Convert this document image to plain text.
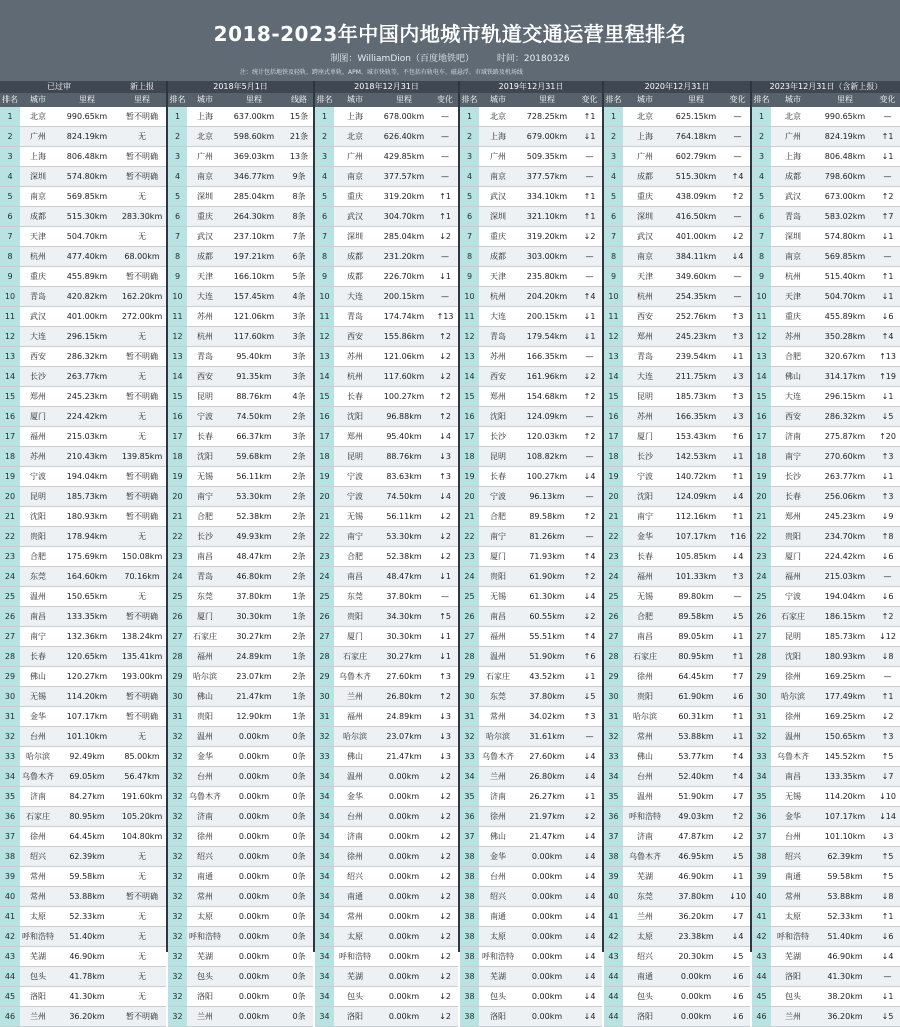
2018-2023年中国内地城市轨道交通运营里程排名
制图：WilliamDion（百度地铁吧）	时间：20180326
注：统计包括地铁及轻轨、跨座式单轨、APM、城市快轨等，不包括有轨电车、磁悬浮、市域铁路及机场线
已过审			新上报
排名	城市	里程	里程
1	北京	990.65km	暂不明确
2	广州	824.19km	无
3	上海	806.48km	暂不明确
4	深圳	574.80km	暂不明确
5	南京	569.85km	无
6	成都	515.30km	283.30km
7	天津	504.70km	无
8	杭州	477.40km	68.00km
9	重庆	455.89km	暂不明确
10	青岛	420.82km	162.20km
11	武汉	401.00km	272.00km
12	大连	296.15km	无
13	西安	286.32km	暂不明确
14	长沙	263.77km	无
15	郑州	245.23km	暂不明确
16	厦门	224.42km	无
17	福州	215.03km	无
18	苏州	210.43km	139.85km
19	宁波	194.04km	暂不明确
20	昆明	185.73km	暂不明确
21	沈阳	180.93km	暂不明确
22	贵阳	178.94km	无
23	合肥	175.69km	150.08km
24	东莞	164.60km	70.16km
25	温州	150.65km	无
26	南昌	133.35km	暂不明确
27	南宁	132.36km	138.24km
28	长春	120.65km	135.41km
29	佛山	120.27km	193.00km
30	无锡	114.20km	暂不明确
31	金华	107.17km	暂不明确
32	台州	101.10km	无
33	哈尔滨	92.49km	85.00km
34	乌鲁木齐	69.05km	56.47km
35	济南	84.27km	191.60km
36	石家庄	80.95km	105.20km
37	徐州	64.45km	104.80km
38	绍兴	62.39km	无
39	常州	59.58km	无
40	常州	53.88km	暂不明确
41	太原	52.33km	无
42	呼和浩特	51.40km	无
43	芜湖	46.90km	无
44	包头	41.78km	无
45	洛阳	41.30km	无
46	兰州	36.20km	暂不明确
2018年5月1日			
排名	城市	里程	线路
1	上海	637.00km	15条
2	北京	598.60km	21条
3	广州	369.03km	13条
4	南京	346.77km	9条
5	深圳	285.04km	8条
6	重庆	264.30km	8条
7	武汉	237.10km	7条
8	成都	197.21km	6条
9	天津	166.10km	5条
10	大连	157.45km	4条
11	苏州	121.06km	3条
12	杭州	117.60km	3条
13	青岛	95.40km	3条
14	西安	91.35km	3条
15	昆明	88.76km	4条
16	宁波	74.50km	2条
17	长春	66.37km	3条
18	沈阳	59.68km	2条
19	无锡	56.11km	2条
20	南宁	53.30km	2条
21	合肥	52.38km	2条
22	长沙	49.93km	2条
23	南昌	48.47km	2条
24	青岛	46.80km	2条
25	东莞	37.80km	1条
26	厦门	30.30km	1条
27	石家庄	30.27km	2条
28	福州	24.89km	1条
29	哈尔滨	23.07km	2条
30	佛山	21.47km	1条
31	贵阳	12.90km	1条
32	温州	0.00km	0条
32	金华	0.00km	0条
32	台州	0.00km	0条
32	乌鲁木齐	0.00km	0条
32	济南	0.00km	0条
32	徐州	0.00km	0条
32	绍兴	0.00km	0条
32	南通	0.00km	0条
32	常州	0.00km	0条
32	太原	0.00km	0条
32	呼和浩特	0.00km	0条
32	芜湖	0.00km	0条
32	包头	0.00km	0条
32	洛阳	0.00km	0条
32	兰州	0.00km	0条
2018年12月31日			
排名	城市	里程	变化
1	上海	678.00km	—
2	北京	626.40km	—
3	广州	429.85km	—
4	南京	377.57km	—
5	重庆	319.20km	↑1
6	武汉	304.70km	↑1
7	深圳	285.04km	↓2
8	成都	231.20km	—
9	成都	226.70km	↓1
10	大连	200.15km	—
11	青岛	174.74km	↑13
12	西安	155.86km	↑2
13	苏州	121.06km	↓2
14	杭州	117.60km	↓2
15	长春	100.27km	↑2
16	沈阳	96.88km	↑2
17	郑州	95.40km	↓4
18	昆明	88.76km	↓3
19	宁波	83.63km	↑3
20	宁波	74.50km	↓4
21	无锡	56.11km	↓2
22	南宁	53.30km	↓2
23	合肥	52.38km	↓2
24	南昌	48.47km	↓1
25	东莞	37.80km	—
26	贵阳	34.30km	↑5
27	厦门	30.30km	↓1
28	石家庄	30.27km	↓1
29	乌鲁木齐	27.60km	↑3
30	兰州	26.80km	↑2
31	福州	24.89km	↓3
32	哈尔滨	23.07km	↓3
33	佛山	21.47km	↓3
34	温州	0.00km	↓2
34	金华	0.00km	↓2
34	台州	0.00km	↓2
34	济南	0.00km	↓2
34	徐州	0.00km	↓2
34	绍兴	0.00km	↓2
34	南通	0.00km	↓2
34	常州	0.00km	↓2
34	太原	0.00km	↓2
34	呼和浩特	0.00km	↓2
34	芜湖	0.00km	↓2
34	包头	0.00km	↓2
34	洛阳	0.00km	↓2
2019年12月31日			
排名	城市	里程	变化
1	北京	728.25km	↑1
2	上海	679.00km	↓1
3	广州	509.35km	—
4	南京	377.57km	—
5	武汉	334.10km	↑1
6	深圳	321.10km	↑1
7	重庆	319.20km	↓2
8	成都	303.00km	—
9	天津	235.80km	—
10	杭州	204.20km	↑4
11	大连	200.15km	↓1
12	青岛	179.54km	↓1
13	苏州	166.35km	—
14	西安	161.96km	↓2
15	郑州	154.68km	↑2
16	沈阳	124.09km	—
17	长沙	120.03km	↑2
18	昆明	108.82km	—
19	长春	100.27km	↓4
20	宁波	96.13km	—
21	合肥	89.58km	↑2
22	南宁	81.26km	—
23	厦门	71.93km	↑4
24	贵阳	61.90km	↑2
25	无锡	61.30km	↓4
26	南昌	60.55km	↓2
27	福州	55.51km	↑4
28	温州	51.90km	↑6
29	石家庄	43.52km	↓1
30	东莞	37.80km	↓5
31	常州	34.02km	↑3
32	哈尔滨	31.61km	—
33	乌鲁木齐	27.60km	↓4
34	兰州	26.80km	↓4
35	济南	26.27km	↓1
36	徐州	21.97km	↓2
37	佛山	21.47km	↓4
38	金华	0.00km	↓4
38	台州	0.00km	↓4
38	绍兴	0.00km	↓4
38	南通	0.00km	↓4
38	太原	0.00km	↓4
38	呼和浩特	0.00km	↓4
38	芜湖	0.00km	↓4
38	包头	0.00km	↓4
38	洛阳	0.00km	↓4
2020年12月31日			
排名	城市	里程	变化
1	北京	625.15km	—
2	上海	764.18km	—
3	广州	602.79km	—
4	成都	515.30km	↑4
5	重庆	438.09km	↑2
6	深圳	416.50km	—
7	武汉	401.00km	↓2
8	南京	384.11km	↓4
9	天津	349.60km	—
10	杭州	254.35km	—
11	西安	252.76km	↑3
12	郑州	245.23km	↑3
13	青岛	239.54km	↓1
14	大连	211.75km	↓3
15	昆明	185.73km	↑3
16	苏州	166.35km	↓3
17	厦门	153.43km	↑6
18	长沙	142.53km	↓1
19	宁波	140.72km	↑1
20	沈阳	124.09km	↓4
21	南宁	112.16km	↑1
22	金华	107.17km	↑16
23	长春	105.85km	↓4
24	福州	101.33km	↑3
25	无锡	89.80km	—
26	合肥	89.58km	↓5
27	南昌	89.05km	↓1
28	石家庄	80.95km	↑1
29	徐州	64.45km	↑7
30	贵阳	61.90km	↓6
31	哈尔滨	60.31km	↑1
32	常州	53.88km	↓1
33	佛山	53.77km	↑4
34	台州	52.40km	↑4
35	温州	51.90km	↓7
36	呼和浩特	49.03km	↑2
37	济南	47.87km	↓2
38	乌鲁木齐	46.95km	↓5
39	芜湖	46.90km	↓1
40	东莞	37.80km	↓10
41	兰州	36.20km	↓7
42	太原	23.38km	↓4
43	绍兴	20.30km	↓5
44	南通	0.00km	↓6
44	包头	0.00km	↓6
44	洛阳	0.00km	↓6
2023年12月31日（含新上报）			
排名	城市	里程	变化
1	北京	990.65km	—
2	广州	824.19km	↑1
3	上海	806.48km	↓1
4	成都	798.60km	—
5	武汉	673.00km	↑2
6	青岛	583.02km	↑7
7	深圳	574.80km	↓1
8	南京	569.85km	—
9	杭州	515.40km	↑1
10	天津	504.70km	↓1
11	重庆	455.89km	↓6
12	苏州	350.28km	↑4
13	合肥	320.67km	↑13
14	佛山	314.17km	↑19
15	大连	296.15km	↓1
16	西安	286.32km	↓5
17	济南	275.87km	↑20
18	南宁	270.60km	↑3
19	长沙	263.77km	↓1
20	长春	256.06km	↑3
21	郑州	245.23km	↓9
22	贵阳	234.70km	↑8
23	厦门	224.42km	↓6
24	福州	215.03km	—
25	宁波	194.04km	↓6
26	石家庄	186.15km	↑2
27	昆明	185.73km	↓12
28	沈阳	180.93km	↓8
29	徐州	169.25km	—
30	哈尔滨	177.49km	↑1
31	徐州	169.25km	↓2
32	温州	150.65km	↑3
33	乌鲁木齐	145.52km	↑5
34	南昌	133.35km	↓7
35	无锡	114.20km	↓10
36	金华	107.17km	↓14
37	台州	101.10km	↓3
38	绍兴	62.39km	↑5
39	南通	59.58km	↑5
40	常州	53.88km	↓8
41	太原	52.33km	↑1
42	呼和浩特	51.40km	↓6
43	芜湖	46.90km	↓4
44	洛阳	41.30km	—
45	包头	38.20km	↓1
46	兰州	36.20km	↓5
